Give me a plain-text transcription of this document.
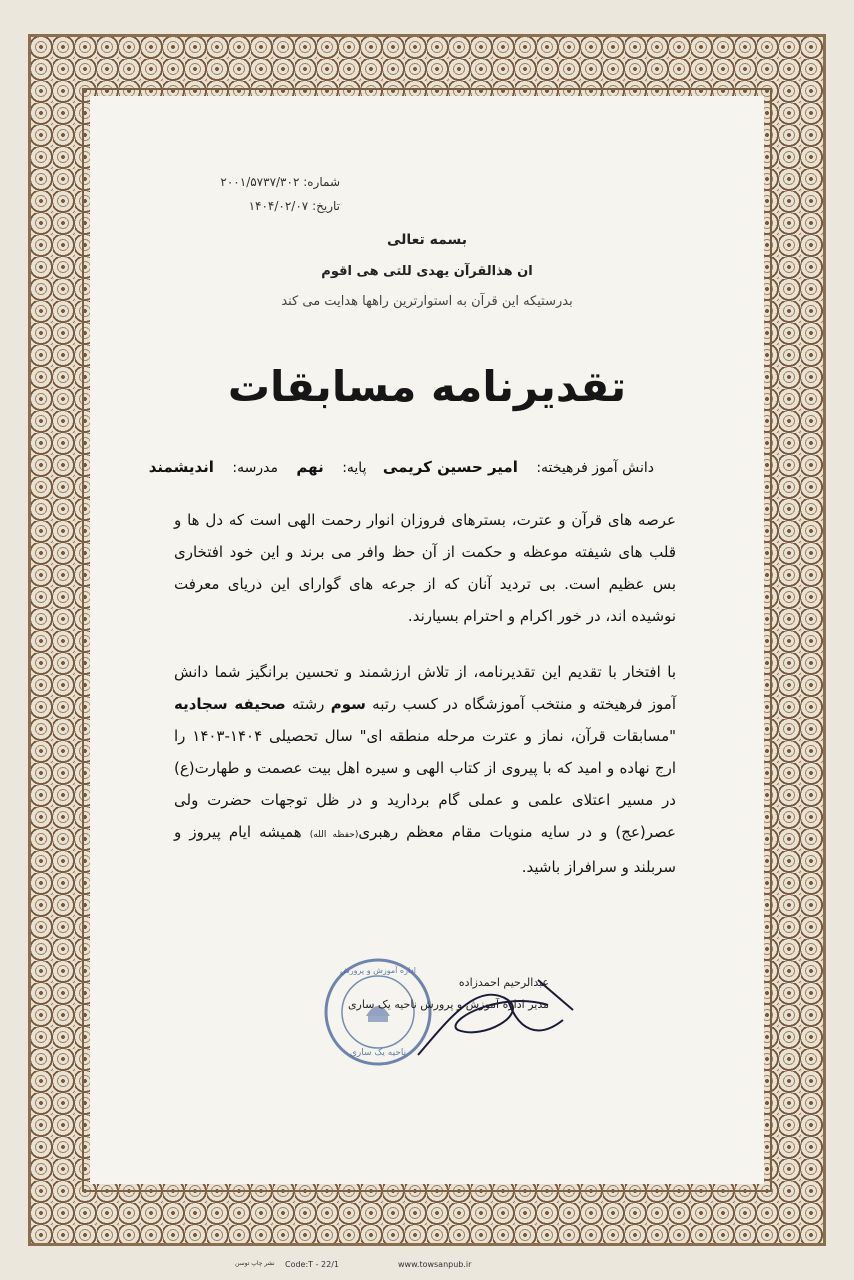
شماره: ۲۰۰۱/۵۷۳۷/۳۰۲
تاریخ: ۱۴۰۴/۰۲/۰۷
بسمه تعالی
ان هذالقرآن یهدی للتی هی اقوم
بدرستیکه این قرآن به استوارترین راهها هدایت می کند
تقدیرنامه مسابقات
دانش آموز فرهیخته: امیر حسین کریمی پایه: نهم مدرسه: اندیشمند
عرصه های قرآن و عترت، بسترهای فروزان انوار رحمت الهی است که دل ها و قلب های شیفته موعظه و حکمت از آن حظ وافر می برند و این خود افتخاری بس عظیم است. بی تردید آنان که از جرعه های گوارای این دریای معرفت نوشیده اند، در خور اکرام و احترام بسیارند.
با افتخار با تقدیم این تقدیرنامه، از تلاش ارزشمند و تحسین برانگیز شما دانش آموز فرهیخته و منتخب آموزشگاه در کسب رتبه سوم رشته صحیفه سجادیه "مسابقات قرآن، نماز و عترت مرحله منطقه ای" سال تحصیلی ۱۴۰۴-۱۴۰۳ را ارج نهاده و امید که با پیروی از کتاب الهی و سیره اهل بیت عصمت و طهارت(ع) در مسیر اعتلای علمی و عملی گام بردارید و در ظل توجهات حضرت ولی عصر(عج) و در سایه منویات مقام معظم رهبری(حفظه الله) همیشه ایام پیروز و سربلند و سرافراز باشید.
اداره آموزش و پرورش
ناحیه یک ساری
عبدالرحیم احمدزاده
مدیر اداره آموزش و پرورش ناحیه یک ساری
نشر چاپ توسن Code:T - 22/1	www.towsanpub.ir
